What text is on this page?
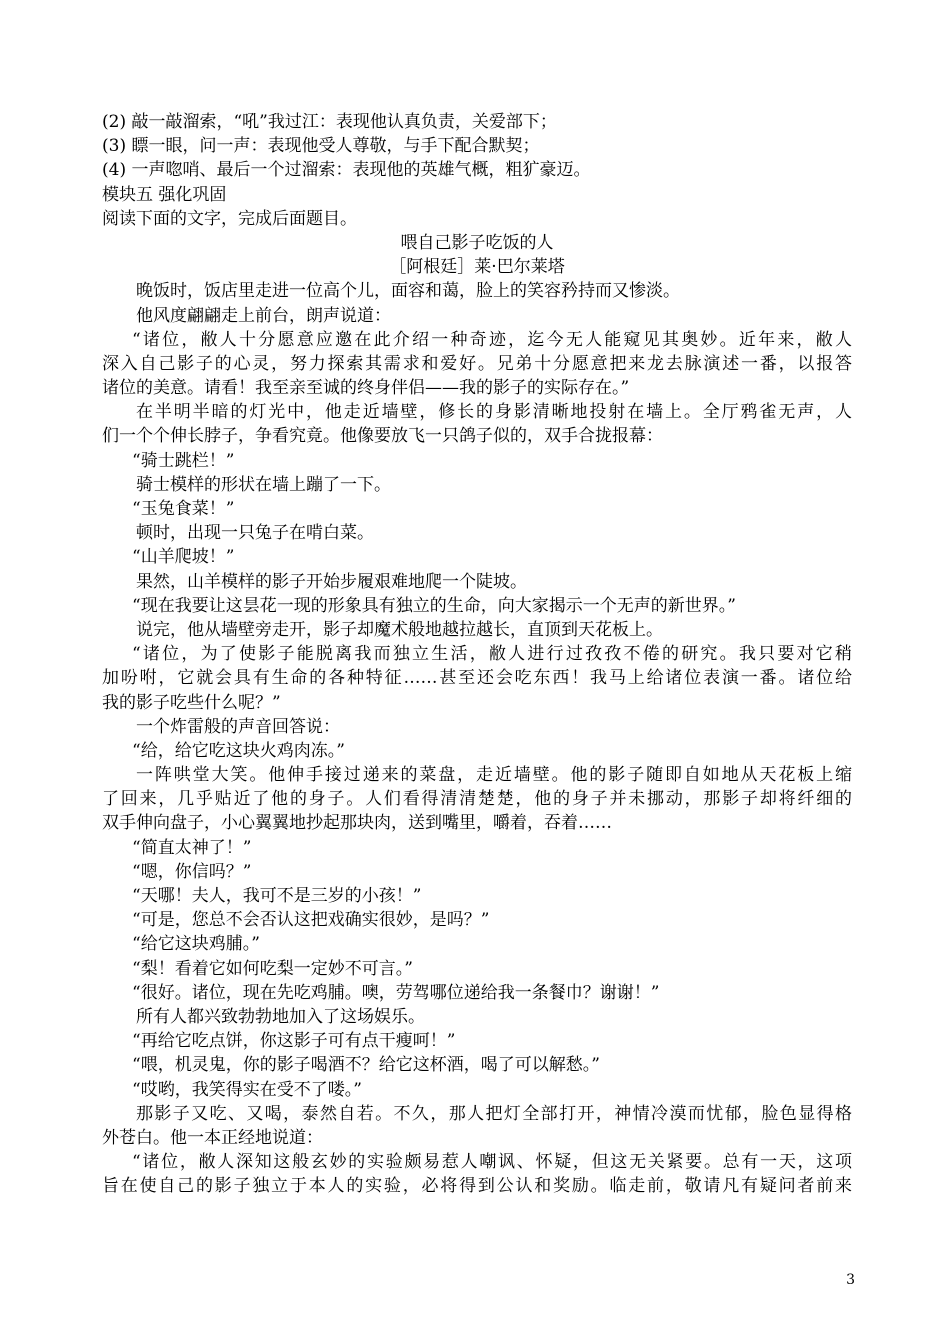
(2) 敲一敲溜索，“吼”我过江：表现他认真负责，关爱部下；
(3) 瞟一眼，问一声：表现他受人尊敬，与手下配合默契；
(4) 一声唿哨、最后一个过溜索：表现他的英雄气概，粗犷豪迈。
模块五 强化巩固
阅读下面的文字，完成后面题目。
喂自己影子吃饭的人
［阿根廷］莱·巴尔莱塔
晚饭时，饭店里走进一位高个儿，面容和蔼，脸上的笑容矜持而又惨淡。
他风度翩翩走上前台，朗声说道：
“诸位，敝人十分愿意应邀在此介绍一种奇迹，迄今无人能窥见其奥妙。近年来，敝人
深入自己影子的心灵，努力探索其需求和爱好。兄弟十分愿意把来龙去脉演述一番，以报答
诸位的美意。请看！我至亲至诚的终身伴侣——我的影子的实际存在。”
在半明半暗的灯光中，他走近墙壁，修长的身影清晰地投射在墙上。全厅鸦雀无声，人
们一个个伸长脖子，争看究竟。他像要放飞一只鸽子似的，双手合拢报幕：
“骑士跳栏！”
骑士模样的形状在墙上蹦了一下。
“玉兔食菜！”
顿时，出现一只兔子在啃白菜。
“山羊爬坡！”
果然，山羊模样的影子开始步履艰难地爬一个陡坡。
“现在我要让这昙花一现的形象具有独立的生命，向大家揭示一个无声的新世界。”
说完，他从墙壁旁走开，影子却魔术般地越拉越长，直顶到天花板上。
“诸位，为了使影子能脱离我而独立生活，敝人进行过孜孜不倦的研究。我只要对它稍
加吩咐，它就会具有生命的各种特征……甚至还会吃东西！我马上给诸位表演一番。诸位给
我的影子吃些什么呢？”
一个炸雷般的声音回答说：
“给，给它吃这块火鸡肉冻。”
一阵哄堂大笑。他伸手接过递来的菜盘，走近墙壁。他的影子随即自如地从天花板上缩
了回来，几乎贴近了他的身子。人们看得清清楚楚，他的身子并未挪动，那影子却将纤细的
双手伸向盘子，小心翼翼地抄起那块肉，送到嘴里，嚼着，吞着……
“简直太神了！”
“嗯，你信吗？”
“天哪！夫人，我可不是三岁的小孩！”
“可是，您总不会否认这把戏确实很妙，是吗？”
“给它这块鸡脯。”
“梨！看着它如何吃梨一定妙不可言。”
“很好。诸位，现在先吃鸡脯。噢，劳驾哪位递给我一条餐巾？谢谢！”
所有人都兴致勃勃地加入了这场娱乐。
“再给它吃点饼，你这影子可有点干瘦呵！”
“喂，机灵鬼，你的影子喝酒不？给它这杯酒，喝了可以解愁。”
“哎哟，我笑得实在受不了喽。”
那影子又吃、又喝，泰然自若。不久，那人把灯全部打开，神情冷漠而忧郁，脸色显得格
外苍白。他一本正经地说道：
“诸位，敝人深知这般玄妙的实验颇易惹人嘲讽、怀疑，但这无关紧要。总有一天，这项
旨在使自己的影子独立于本人的实验，必将得到公认和奖励。临走前，敬请凡有疑问者前来
3
